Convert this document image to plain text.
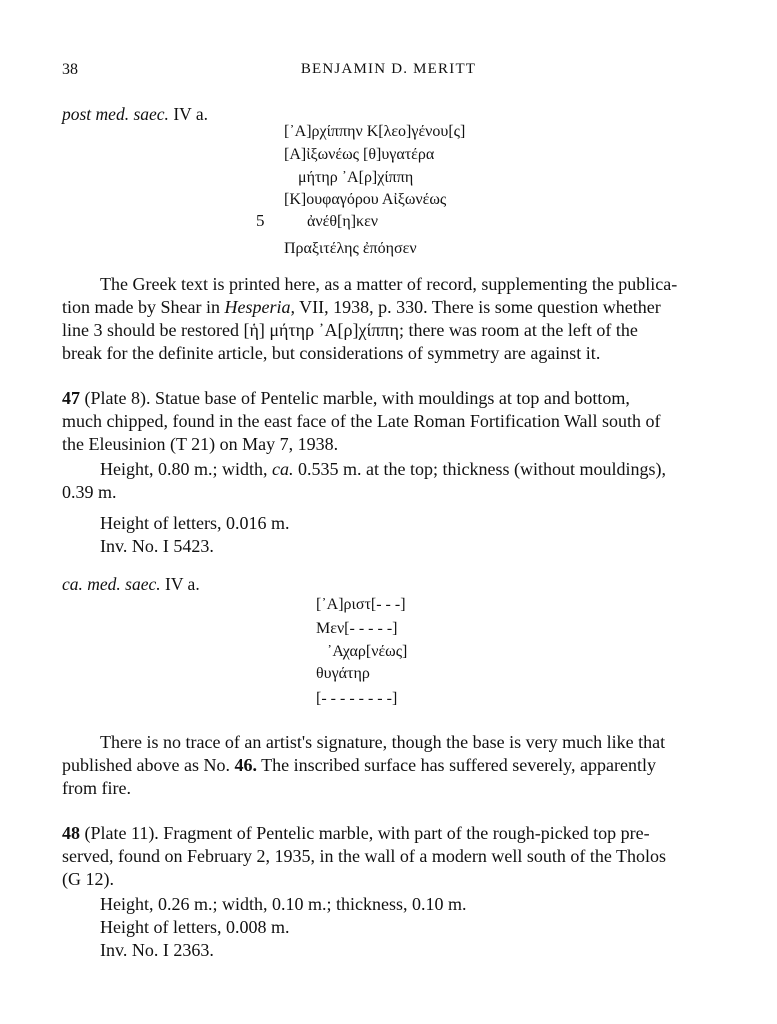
38	BENJAMIN D. MERITT
post med. saec. IV a.
[᾽Α]ρχίππην Κ[λεο]γένου[ς]
[Α]ἰξωνέως [θ]υγατέρα
μήτηρ ᾽Α[ρ]χίππη
[Κ]ουφαγόρου Αἰξωνέως
5	ἀνέθ[η]κεν
Πραξιτέλης ἐπόησεν
The Greek text is printed here, as a matter of record, supplementing the publica-
tion made by Shear in Hesperia, VII, 1938, p. 330. There is some question whether
line 3 should be restored [ἡ] μήτηρ ᾽Α[ρ]χίππη; there was room at the left of the
break for the definite article, but considerations of symmetry are against it.
47 (Plate 8). Statue base of Pentelic marble, with mouldings at top and bottom,
much chipped, found in the east face of the Late Roman Fortification Wall south of
the Eleusinion (T 21) on May 7, 1938.
Height, 0.80 m.; width, ca. 0.535 m. at the top; thickness (without mouldings),
0.39 m.
Height of letters, 0.016 m.
Inv. No. I 5423.
ca. med. saec. IV a.
[᾽Α]ριστ[- - -]
Μεν[- - - - -]
᾽Αχαρ[νέως]
θυγάτηρ
[- - - - - - - -]
There is no trace of an artist's signature, though the base is very much like that
published above as No. 46. The inscribed surface has suffered severely, apparently
from fire.
48 (Plate 11). Fragment of Pentelic marble, with part of the rough-picked top pre-
served, found on February 2, 1935, in the wall of a modern well south of the Tholos
(G 12).
Height, 0.26 m.; width, 0.10 m.; thickness, 0.10 m.
Height of letters, 0.008 m.
Inv. No. I 2363.
